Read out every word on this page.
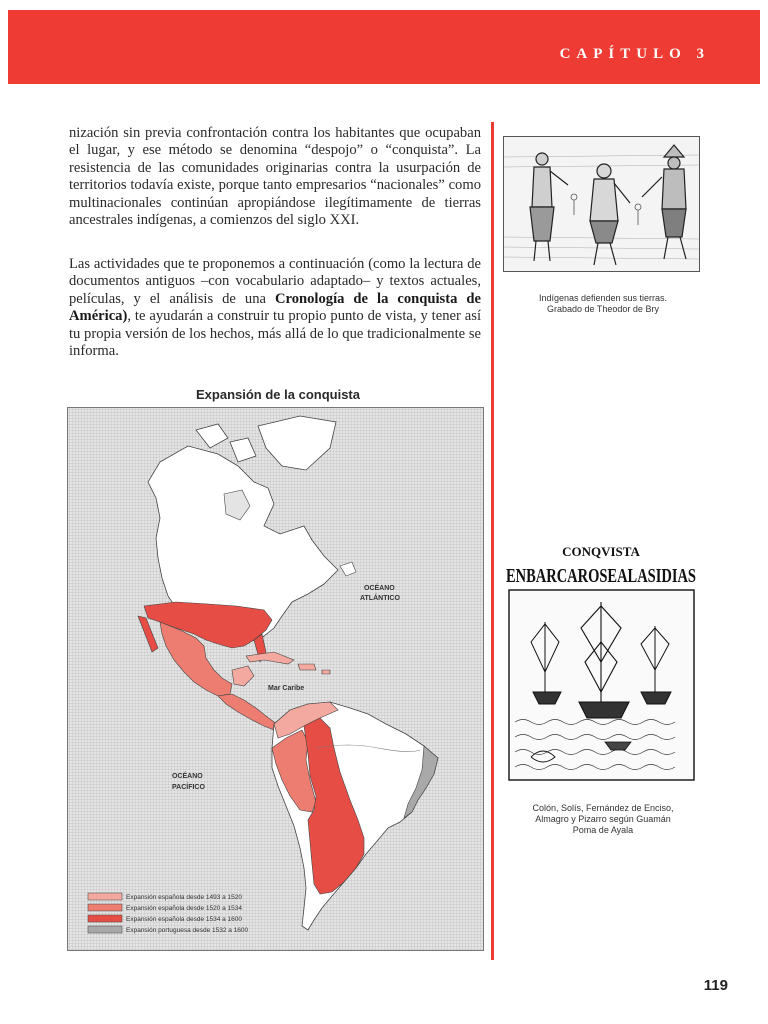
CAPÍTULO 3

nización sin previa confrontación contra los habitantes que ocupaban el lugar, y ese método se denomina “despojo” o “conquista”. La resistencia de las comunidades originarias contra la usurpación de territorios todavía existe, porque tanto empresarios “nacionales” como multinacionales continúan apropiándose ilegítimamente de tierras ancestrales indígenas, a comienzos del siglo XXI.

Las actividades que te proponemos a continuación (como la lectura de documentos antiguos –con vocabulario adaptado– y textos actuales, películas, y el análisis de una Cronología de la conquista de América), te ayudarán a construir tu propio punto de vista, y tener así tu propia versión de los hechos, más allá de lo que tradicionalmente se informa.

Expansión de la conquista
OCÉANO
ATLÁNTICO
OCÉANO
PACÍFICO
Mar Caribe
Expansión española desde 1493 a 1520
Expansión española desde 1520 a 1534
Expansión española desde 1534 a 1600
Expansión portuguesa desde 1532 a 1600
Indígenas defienden sus tierras.
Grabado de Theodor de Bry
CONQVISTA
ENBARCAROSEALASIDIAS
Colón, Solís, Fernández de Enciso,
Almagro y Pizarro según Guamán
Poma de Ayala
119
